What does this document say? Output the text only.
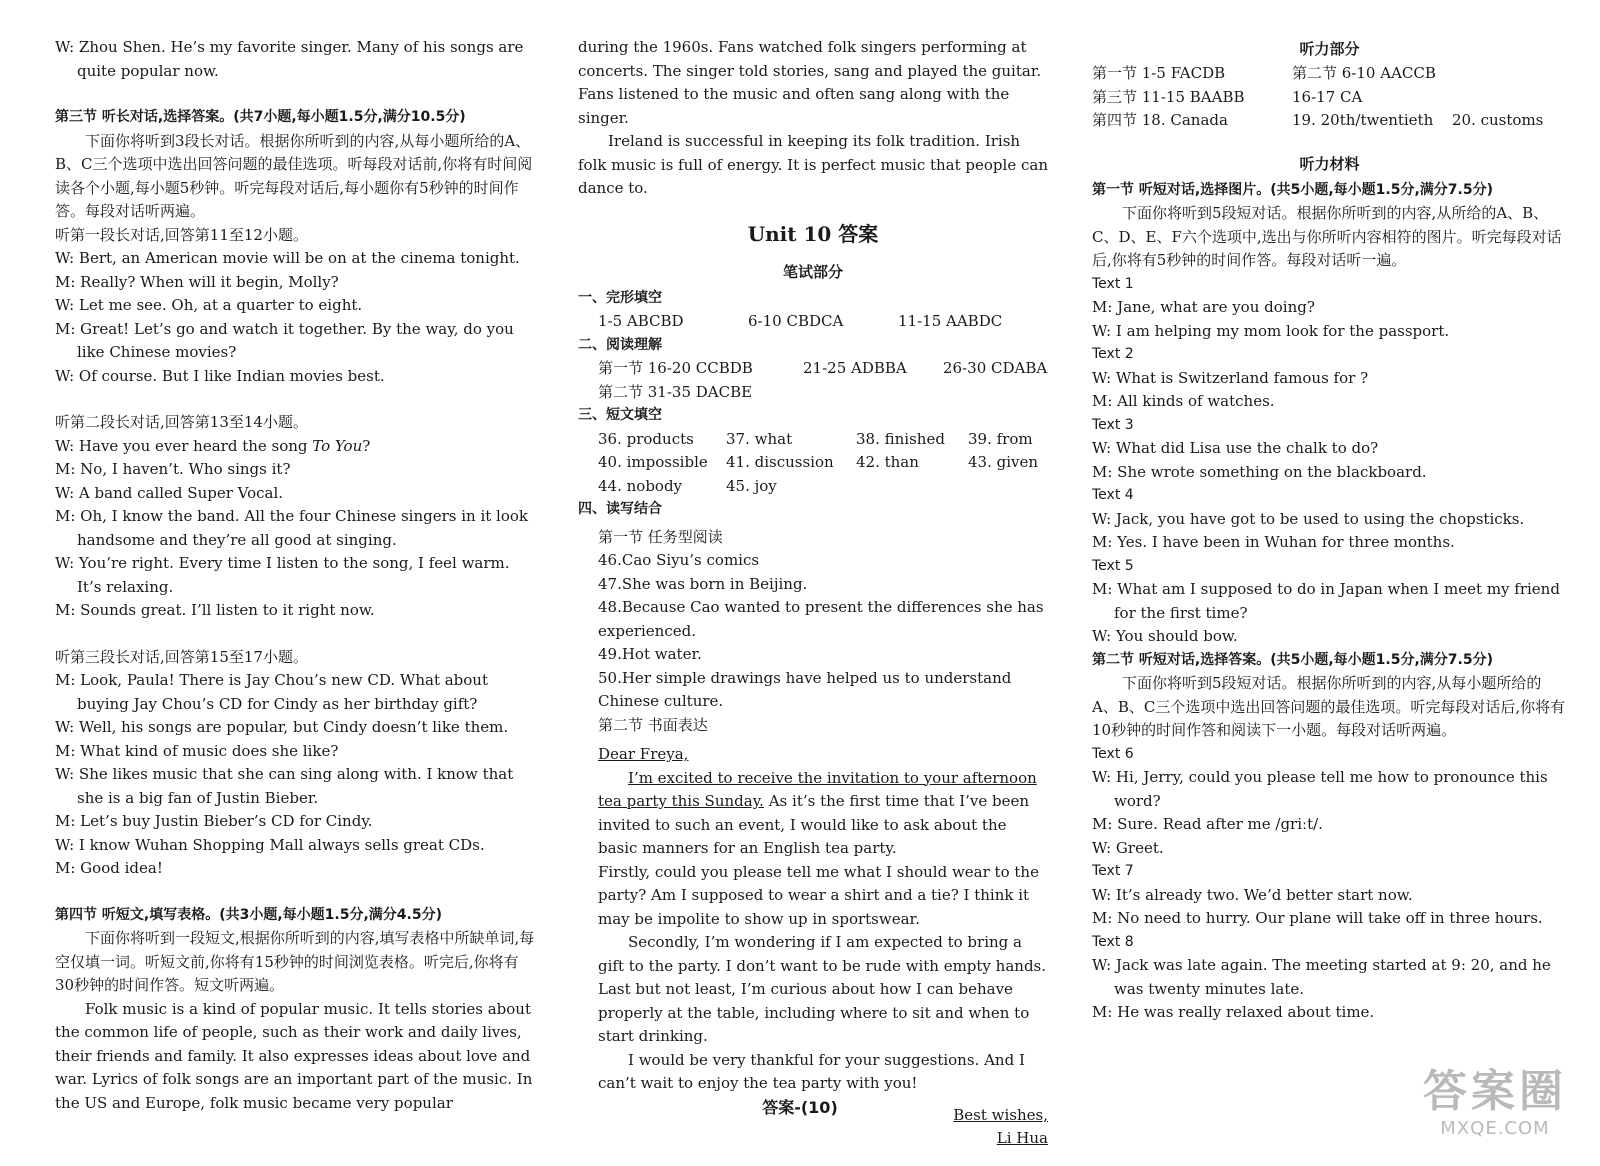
W: Zhou Shen. He’s my favorite singer. Many of his songs are quite popular now.

第三节 听长对话,选择答案。(共7小题,每小题1.5分,满分10.5分)

下面你将听到3段长对话。根据你所听到的内容,从每小题所给的A、B、C三个选项中选出回答问题的最佳选项。听每段对话前,你将有时间阅读各个小题,每小题5秒钟。听完每段对话后,每小题你有5秒钟的时间作答。每段对话听两遍。

听第一段长对话,回答第11至12小题。

W: Bert, an American movie will be on at the cinema tonight.

M: Really? When will it begin, Molly?

W: Let me see. Oh, at a quarter to eight.

M: Great! Let’s go and watch it together. By the way, do you like Chinese movies?

W: Of course. But I like Indian movies best.

听第二段长对话,回答第13至14小题。

W: Have you ever heard the song To You?

M: No, I haven’t. Who sings it?

W: A band called Super Vocal.

M: Oh, I know the band. All the four Chinese singers in it look handsome and they’re all good at singing.

W: You’re right. Every time I listen to the song, I feel warm. It’s relaxing.

M: Sounds great. I’ll listen to it right now.

听第三段长对话,回答第15至17小题。

M: Look, Paula! There is Jay Chou’s new CD. What about buying Jay Chou’s CD for Cindy as her birthday gift?

W: Well, his songs are popular, but Cindy doesn’t like them.

M: What kind of music does she like?

W: She likes music that she can sing along with. I know that she is a big fan of Justin Bieber.

M: Let’s buy Justin Bieber’s CD for Cindy.

W: I know Wuhan Shopping Mall always sells great CDs.

M: Good idea!

第四节 听短文,填写表格。(共3小题,每小题1.5分,满分4.5分)

下面你将听到一段短文,根据你所听到的内容,填写表格中所缺单词,每空仅填一词。听短文前,你将有15秒钟的时间浏览表格。听完后,你将有30秒钟的时间作答。短文听两遍。

Folk music is a kind of popular music. It tells stories about the common life of people, such as their work and daily lives, their friends and family. It also expresses ideas about love and war. Lyrics of folk songs are an important part of the music. In the US and Europe, folk music became very popular

during the 1960s. Fans watched folk singers performing at concerts. The singer told stories, sang and played the guitar. Fans listened to the music and often sang along with the singer.

Ireland is successful in keeping its folk tradition. Irish folk music is full of energy. It is perfect music that people can dance to.

Unit 10 答案
笔试部分

一、完形填空

1-5 ABCBD	6-10 CBDCA	11-15 AABDC

二、阅读理解

第一节 16-20 CCBDB	21-25 ADBBA	26-30 CDABA
第二节 31-35 DACBE

三、短文填空

36. products	37. what	38. finished	39. from
40. impossible	41. discussion	42. than	43. given
44. nobody	45. joy

四、读写结合

第一节 任务型阅读

46.Cao Siyu’s comics

47.She was born in Beijing.

48.Because Cao wanted to present the differences she has experienced.

49.Hot water.

50.Her simple drawings have helped us to understand Chinese culture.

第二节 书面表达

Dear Freya,

I’m excited to receive the invitation to your afternoon tea party this Sunday. As it’s the first time that I’ve been invited to such an event, I would like to ask about the basic manners for an English tea party.

Firstly, could you please tell me what I should wear to the party? Am I supposed to wear a shirt and a tie? I think it may be impolite to show up in sportswear.

Secondly, I’m wondering if I am expected to bring a gift to the party. I don’t want to be rude with empty hands. Last but not least, I’m curious about how I can behave properly at the table, including where to sit and when to start drinking.

I would be very thankful for your suggestions. And I can’t wait to enjoy the tea party with you!

Best wishes,

Li Hua

听力部分
第一节 1-5 FACDB	第二节 6-10 AACCB
第三节 11-15 BAABB	16-17 CA
第四节 18. Canada	19. 20th/twentieth	20. customs
听力材料

第一节 听短对话,选择图片。(共5小题,每小题1.5分,满分7.5分)

下面你将听到5段短对话。根据你所听到的内容,从所给的A、B、C、D、E、F六个选项中,选出与你所听内容相符的图片。听完每段对话后,你将有5秒钟的时间作答。每段对话听一遍。

Text 1

M: Jane, what are you doing?

W: I am helping my mom look for the passport.

Text 2

W: What is Switzerland famous for ?

M: All kinds of watches.

Text 3

W: What did Lisa use the chalk to do?

M: She wrote something on the blackboard.

Text 4

W: Jack, you have got to be used to using the chopsticks.

M: Yes. I have been in Wuhan for three months.

Text 5

M: What am I supposed to do in Japan when I meet my friend for the first time?

W: You should bow.

第二节 听短对话,选择答案。(共5小题,每小题1.5分,满分7.5分)

下面你将听到5段短对话。根据你所听到的内容,从每小题所给的A、B、C三个选项中选出回答问题的最佳选项。听完每段对话后,你将有10秒钟的时间作答和阅读下一小题。每段对话听两遍。

Text 6

W: Hi, Jerry, could you please tell me how to pronounce this word?

M: Sure. Read after me /griːt/.

W: Greet.

Text 7

W: It’s already two. We’d better start now.

M: No need to hurry. Our plane will take off in three hours.

Text 8

W: Jack was late again. The meeting started at 9: 20, and he was twenty minutes late.

M: He was really relaxed about time.

答案-(10)	答案圈
MXQE.COM
